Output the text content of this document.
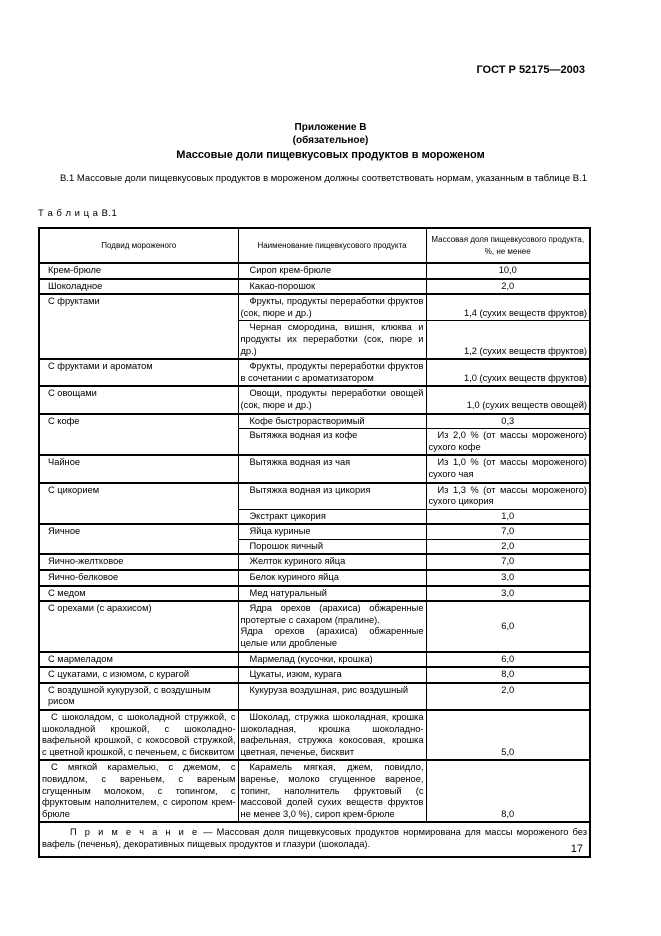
ГОСТ Р 52175—2003
Приложение В
(обязательное)
Массовые доли пищевкусовых продуктов в мороженом
В.1 Массовые доли пищевкусовых продуктов в мороженом должны соответствовать нормам, указанным в таблице В.1
Т а б л и ц а В.1
Подвид мороженого	Наименование пищевкусового продукта	Массовая доля пищевкусового продукта, %, не менее
Крем-брюле	Сироп крем-брюле	10,0
Шоколадное	Какао-порошок	2,0
С фруктами	Фрукты, продукты переработки фруктов (сок, пюре и др.)	1,4 (сухих веществ фруктов)
	Черная смородина, вишня, клюква и продукты их переработки (сок, пюре и др.)	1,2 (сухих веществ фруктов)
С фруктами и ароматом	Фрукты, продукты переработки фруктов в сочетании с ароматизатором	1,0 (сухих веществ фруктов)
С овощами	Овощи, продукты переработки овощей (сок, пюре и др.)	1,0 (сухих веществ овощей)
С кофе	Кофе быстрорастворимый	0,3
	Вытяжка водная из кофе	Из 2,0 % (от массы мороженого) сухого кофе
Чайное	Вытяжка водная из чая	Из 1,0 % (от массы мороженого) сухого чая
С цикорием	Вытяжка водная из цикория	Из 1,3 % (от массы мороженого) сухого цикория
	Экстракт цикория	1,0
Яичное	Яйца куриные	7,0
	Порошок яичный	2,0
Яично-желтковое	Желток куриного яйца	7,0
Яично-белковое	Белок куриного яйца	3,0
С медом	Мед натуральный	3,0
С орехами (с арахисом)	Ядра орехов (арахиса) обжаренные протертые с сахаром (пралине).
Ядра орехов (арахиса) обжаренные целые или дробленые	6,0
С мармеладом	Мармелад (кусочки, крошка)	6,0
С цукатами, с изюмом, с курагой	Цукаты, изюм, курага	8,0
С воздушной кукурузой, с воздушным рисом	Кукуруза воздушная, рис воздушный	2,0
С шоколадом, с шоколадной стружкой, с шоколадной крошкой, с шоколадно-вафельной крошкой, с кокосовой стружкой, с цветной крошкой, с печеньем, с бисквитом	Шоколад, стружка шоколадная, крошка шоколадная, крошка шоколадно-вафельная, стружка кокосовая, крошка цветная, печенье, бисквит	5,0
С мягкой карамелью, с джемом, с повидлом, с вареньем, с вареным сгущенным молоком, с топингом, с фруктовым наполнителем, с сиропом крем-брюле	Карамель мягкая, джем, повидло, варенье, молоко сгущенное вареное, топинг, наполнитель фруктовый (с массовой долей сухих веществ фруктов не менее 3,0 %), сироп крем-брюле	8,0
П р и м е ч а н и е — Массовая доля пищевкусовых продуктов нормирована для массы мороженого без вафель (печенья), декоративных пищевых продуктов и глазури (шоколада).			17
